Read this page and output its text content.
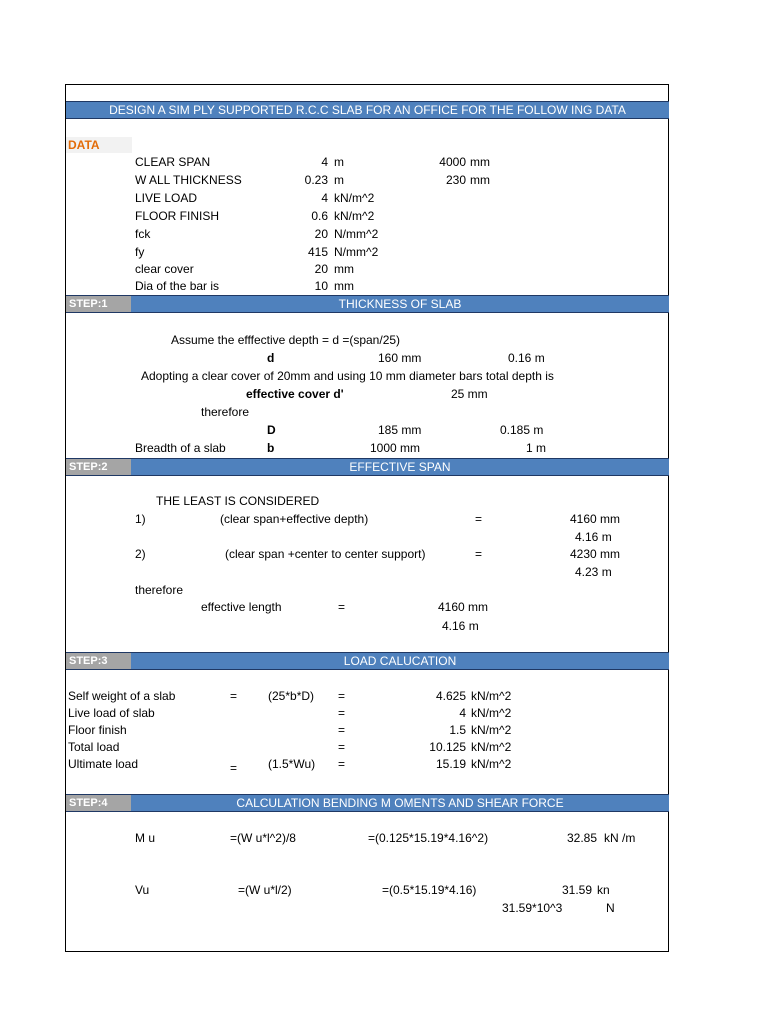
DESIGN A SIM PLY SUPPORTED R.C.C SLAB FOR AN OFFICE FOR THE FOLLOW ING DATA
DATA
CLEAR SPAN	4 m	4000 mm
W ALL THICKNESS	0.23 m	230 mm
LIVE LOAD	4 kN/m^2
FLOOR FINISH	0.6 kN/m^2
fck	20 N/mm^2
fy	415 N/mm^2
clear cover	20 mm
Dia of the bar is	10 mm
STEP:1	THICKNESS OF SLAB
Assume the efffective depth = d =(span/25)
d	160 mm	0.16 m
Adopting a clear cover of 20mm and using 10 mm diameter bars total depth is
effective cover d'	25 mm
therefore
D	185 mm	0.185 m
Breadth of a slab	b	1000 mm	1 m
STEP:2	EFFECTIVE SPAN
THE LEAST IS CONSIDERED
1)	(clear span+effective depth)	=	4160 mm
4.16 m
2)	(clear span +center to center support)	=	4230 mm
4.23 m
therefore
effective length	=	4160 mm
4.16 m
STEP:3	LOAD CALUCATION
Self weight of a slab	=	(25*b*D) =	4.625 kN/m^2
Live load of slab	=	4 kN/m^2
Floor finish	=	1.5 kN/m^2
Total load	=	10.125 kN/m^2
Ultimate load	=	(1.5*Wu) =	15.19 kN/m^2
STEP:4	CALCULATION BENDING M OMENTS AND SHEAR FORCE
M u	=(W u*l^2)/8	=(0.125*15.19*4.16^2)	32.85 kN /m
Vu	=(W u*l/2)	=(0.5*15.19*4.16)	31.59 kn
31.59*10^3	N
